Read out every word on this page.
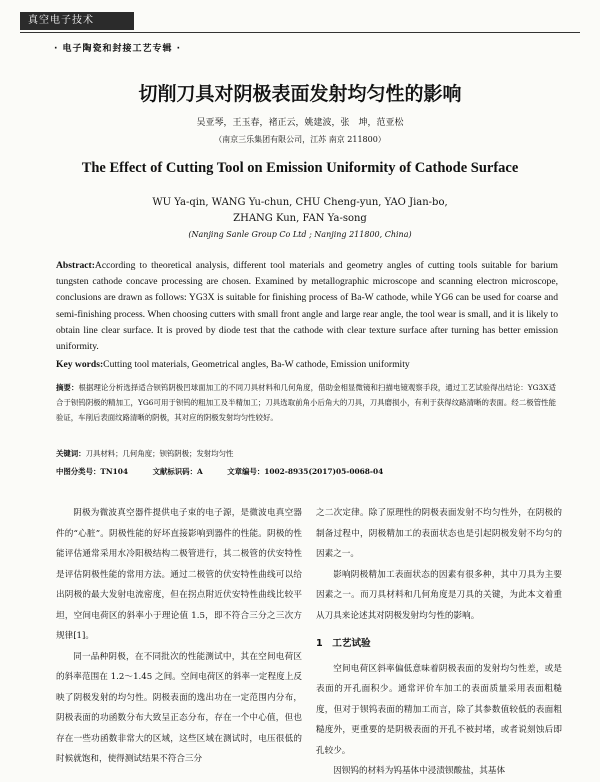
真空电子技术
· 电子陶瓷和封接工艺专辑 ·
切削刀具对阴极表面发射均匀性的影响
吴亚琴，王玉春，褚正云，姚建波，张　坤，范亚松
（南京三乐集团有限公司，江苏 南京 211800）
The Effect of Cutting Tool on Emission Uniformity of Cathode Surface
WU Ya-qin, WANG Yu-chun, CHU Cheng-yun, YAO Jian-bo,
ZHANG Kun, FAN Ya-song
(Nanjing Sanle Group Co Ltd ; Nanjing 211800, China)
Abstract:According to theoretical analysis, different tool materials and geometry angles of cutting tools suitable for barium tungsten cathode concave processing are chosen. Examined by metallographic microscope and scanning electron microscope, conclusions are drawn as follows: YG3X is suitable for finishing process of Ba-W cathode, while YG6 can be used for coarse and semi-finishing process. When choosing cutters with small front angle and large rear angle, the tool wear is small, and it is likely to obtain line clear surface. It is proved by diode test that the cathode with clear texture surface after turning has better emission uniformity.
Key words:Cutting tool materials, Geometrical angles, Ba-W cathode, Emission uniformity
摘要：根据理论分析选择适合钡钨阴极凹球面加工的不同刀具材料和几何角度，借助金相显微镜和扫描电镜观察手段，通过工艺试验得出结论：YG3X适合于钡钨阴极的精加工，YG6可用于钡钨的粗加工及半精加工；刀具选取前角小后角大的刀具，刀具磨损小，有利于获得纹路清晰的表面。经二极管性能验证，车削后表面纹路清晰的阴极，其对应的阴极发射均匀性较好。
关键词：刀具材料；几何角度；钡钨阴极；发射均匀性
中图分类号：TN104	文献标识码：A	文章编号：1002-8935(2017)05-0068-04

阴极为微波真空器件提供电子束的电子源，是微波电真空器件的“心脏”。阴极性能的好坏直接影响到器件的性能。阴极的性能评估通常采用水冷阳极结构二极管进行，其二极管的伏安特性是评估阴极性能的常用方法。通过二极管的伏安特性曲线可以给出阴极的最大发射电流密度，但在拐点附近伏安特性曲线比较平坦，空间电荷区的斜率小于理论值 1.5，即不符合三分之三次方规律[1]。

同一品种阴极，在不同批次的性能测试中，其在空间电荷区的斜率范围在 1.2～1.45 之间。空间电荷区的斜率一定程度上反映了阴极发射的均匀性。阴极表面的逸出功在一定范围内分布，阴极表面的功函数分布大致呈正态分布，存在一个中心值，但也存在一些功函数非常大的区域，这些区域在测试时，电压很低的时候就饱和，使得测试结果不符合三分

之二次定律。除了原理性的阴极表面发射不均匀性外，在阴极的制备过程中，阴极精加工的表面状态也是引起阴极发射不均匀的因素之一。

影响阴极精加工表面状态的因素有很多种，其中刀具为主要因素之一。而刀具材料和几何角度是刀具的关键，为此本文着重从刀具来论述其对阴极发射均匀性的影响。

1　工艺试验

空间电荷区斜率偏低意味着阴极表面的发射均匀性差，或是表面的开孔面积少。通常评价车加工的表面质量采用表面粗糙度，但对于钡钨表面的精加工而言，除了其参数值较低的表面粗糙度外，更重要的是阴极表面的开孔不被封堵，或者说刻蚀后即孔较少。

因钡钨的材料为钨基体中浸渍钡酸盐，其基体
